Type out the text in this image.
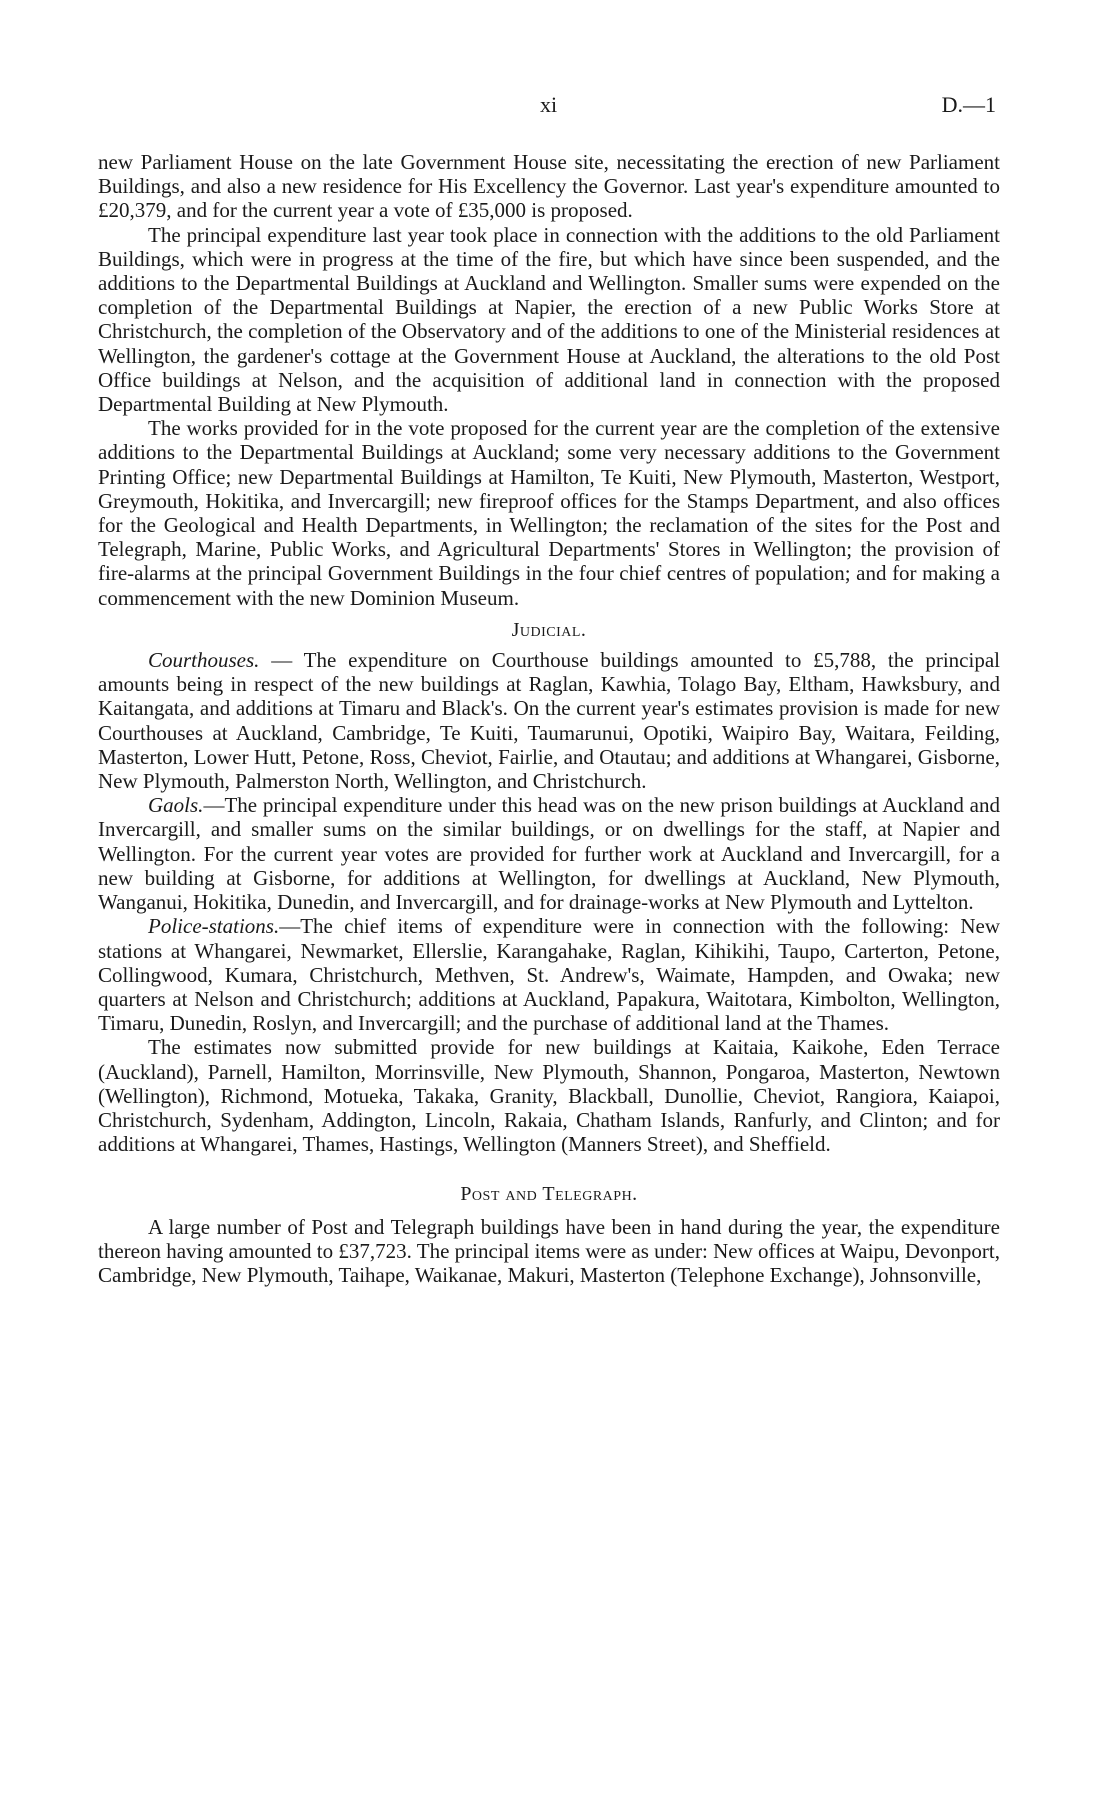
xi	D.—1

new Parliament House on the late Government House site, necessitating the erection of new Parliament Buildings, and also a new residence for His Excellency the Governor. Last year's expenditure amounted to £20,379, and for the current year a vote of £35,000 is proposed.

The principal expenditure last year took place in connection with the additions to the old Parliament Buildings, which were in progress at the time of the fire, but which have since been suspended, and the additions to the Departmental Buildings at Auckland and Wellington. Smaller sums were expended on the completion of the Departmental Buildings at Napier, the erection of a new Public Works Store at Christchurch, the completion of the Observatory and of the additions to one of the Ministerial residences at Wellington, the gardener's cottage at the Government House at Auckland, the alterations to the old Post Office buildings at Nelson, and the acquisition of additional land in connection with the proposed Departmental Building at New Plymouth.

The works provided for in the vote proposed for the current year are the completion of the extensive additions to the Departmental Buildings at Auckland; some very necessary additions to the Government Printing Office; new Departmental Buildings at Hamilton, Te Kuiti, New Plymouth, Masterton, Westport, Greymouth, Hokitika, and Invercargill; new fireproof offices for the Stamps Department, and also offices for the Geological and Health Departments, in Wellington; the reclamation of the sites for the Post and Telegraph, Marine, Public Works, and Agricultural Departments' Stores in Wellington; the provision of fire-alarms at the principal Government Buildings in the four chief centres of population; and for making a commencement with the new Dominion Museum.

Judicial.

Courthouses. — The expenditure on Courthouse buildings amounted to £5,788, the principal amounts being in respect of the new buildings at Raglan, Kawhia, Tolago Bay, Eltham, Hawksbury, and Kaitangata, and additions at Timaru and Black's. On the current year's estimates provision is made for new Courthouses at Auckland, Cambridge, Te Kuiti, Taumarunui, Opotiki, Waipiro Bay, Waitara, Feilding, Masterton, Lower Hutt, Petone, Ross, Cheviot, Fairlie, and Otautau; and additions at Whangarei, Gisborne, New Plymouth, Palmerston North, Wellington, and Christchurch.

Gaols.—The principal expenditure under this head was on the new prison buildings at Auckland and Invercargill, and smaller sums on the similar buildings, or on dwellings for the staff, at Napier and Wellington. For the current year votes are provided for further work at Auckland and Invercargill, for a new building at Gisborne, for additions at Wellington, for dwellings at Auckland, New Plymouth, Wanganui, Hokitika, Dunedin, and Invercargill, and for drainage-works at New Plymouth and Lyttelton.

Police-stations.—The chief items of expenditure were in connection with the following: New stations at Whangarei, Newmarket, Ellerslie, Karangahake, Raglan, Kihikihi, Taupo, Carterton, Petone, Collingwood, Kumara, Christchurch, Methven, St. Andrew's, Waimate, Hampden, and Owaka; new quarters at Nelson and Christchurch; additions at Auckland, Papakura, Waitotara, Kimbolton, Wellington, Timaru, Dunedin, Roslyn, and Invercargill; and the purchase of additional land at the Thames.

The estimates now submitted provide for new buildings at Kaitaia, Kaikohe, Eden Terrace (Auckland), Parnell, Hamilton, Morrinsville, New Plymouth, Shannon, Pongaroa, Masterton, Newtown (Wellington), Richmond, Motueka, Takaka, Granity, Blackball, Dunollie, Cheviot, Rangiora, Kaiapoi, Christchurch, Sydenham, Addington, Lincoln, Rakaia, Chatham Islands, Ranfurly, and Clinton; and for additions at Whangarei, Thames, Hastings, Wellington (Manners Street), and Sheffield.

Post and Telegraph.

A large number of Post and Telegraph buildings have been in hand during the year, the expenditure thereon having amounted to £37,723. The principal items were as under: New offices at Waipu, Devonport, Cambridge, New Plymouth, Taihape, Waikanae, Makuri, Masterton (Telephone Exchange), Johnsonville,
